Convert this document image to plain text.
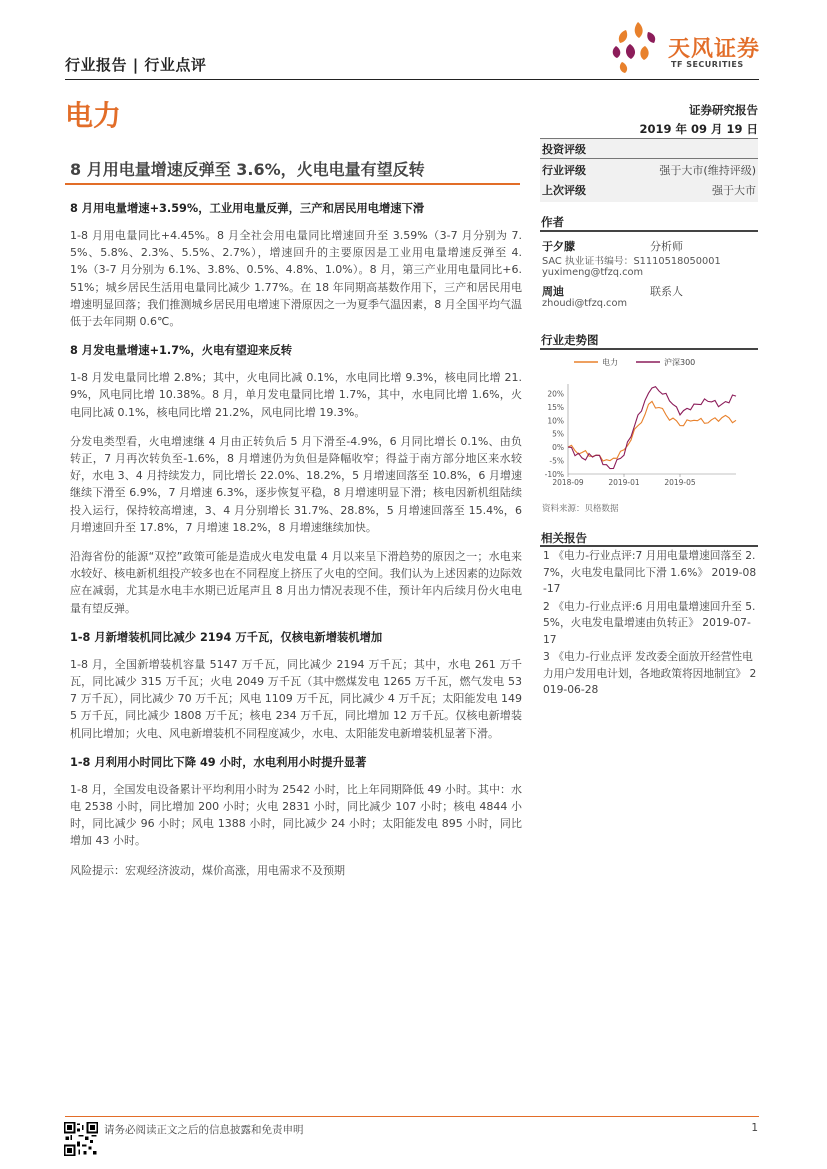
行业报告 | 行业点评
天风证券
TF SECURITIES
电力	证券研究报告
2019 年 09 月 19 日
8 月用电量增速反弹至 3.6%，火电电量有望反转
8 月用电量增速+3.59%，工业用电量反弹，三产和居民用电增速下滑
1-8 月用电量同比+4.45%。8 月全社会用电量同比增速回升至 3.59%（3-7 月分别为 7.5%、5.8%、2.3%、5.5%、2.7%），增速回升的主要原因是工业用电量增速反弹至 4.1%（3-7 月分别为 6.1%、3.8%、0.5%、4.8%、1.0%）。8 月，第三产业用电量同比+6.51%；城乡居民生活用电量同比减少 1.77%。在 18 年同期高基数作用下，三产和居民用电增速明显回落；我们推测城乡居民用电增速下滑原因之一为夏季气温因素，8 月全国平均气温低于去年同期 0.6℃。
8 月发电量增速+1.7%，火电有望迎来反转
1-8 月发电量同比增 2.8%；其中，火电同比减 0.1%，水电同比增 9.3%，核电同比增 21.9%，风电同比增 10.38%。8 月，单月发电量同比增 1.7%，其中，水电同比增 1.6%，火电同比减 0.1%，核电同比增 21.2%，风电同比增 19.3%。
分发电类型看，火电增速继 4 月由正转负后 5 月下滑至-4.9%，6 月同比增长 0.1%、由负转正，7 月再次转负至-1.6%，8 月增速仍为负但是降幅收窄；得益于南方部分地区来水较好，水电 3、4 月持续发力，同比增长 22.0%、18.2%，5 月增速回落至 10.8%，6 月增速继续下滑至 6.9%，7 月增速 6.3%，逐步恢复平稳，8 月增速明显下滑；核电因新机组陆续投入运行，保持较高增速，3、4 月分别增长 31.7%、28.8%，5 月增速回落至 15.4%，6 月增速回升至 17.8%，7 月增速 18.2%，8 月增速继续加快。
沿海省份的能源“双控”政策可能是造成火电发电量 4 月以来呈下滑趋势的原因之一；水电来水较好、核电新机组投产较多也在不同程度上挤压了火电的空间。我们认为上述因素的边际效应在减弱，尤其是水电丰水期已近尾声且 8 月出力情况表现不佳，预计年内后续月份火电电量有望反弹。
1-8 月新增装机同比减少 2194 万千瓦，仅核电新增装机增加
1-8 月，全国新增装机容量 5147 万千瓦，同比减少 2194 万千瓦；其中，水电 261 万千瓦，同比减少 315 万千瓦；火电 2049 万千瓦（其中燃煤发电 1265 万千瓦，燃气发电 537 万千瓦），同比减少 70 万千瓦；风电 1109 万千瓦，同比减少 4 万千瓦；太阳能发电 1495 万千瓦，同比减少 1808 万千瓦；核电 234 万千瓦，同比增加 12 万千瓦。仅核电新增装机同比增加；火电、风电新增装机不同程度减少，水电、太阳能发电新增装机显著下滑。
1-8 月利用小时同比下降 49 小时，水电利用小时提升显著
1-8 月，全国发电设备累计平均利用小时为 2542 小时，比上年同期降低 49 小时。其中：水电 2538 小时，同比增加 200 小时；火电 2831 小时，同比减少 107 小时；核电 4844 小时，同比减少 96 小时；风电 1388 小时，同比减少 24 小时；太阳能发电 895 小时，同比增加 43 小时。
风险提示：宏观经济波动，煤价高涨，用电需求不及预期
投资评级
行业评级	强于大市(维持评级)
上次评级	强于大市
作者
于夕朦	分析师
SAC 执业证书编号：S1110518050001
yuximeng@tfzq.com
周迪	联系人
zhoudi@tfzq.com
行业走势图
20%
15%
10%
5%
0%
-5%
-10%
2018-09	2019-01	2019-05
电力	沪深300
资料来源：贝格数据
相关报告
1 《电力-行业点评:7 月用电量增速回落至 2.7%，火电发电量同比下滑 1.6%》 2019-08-17
2 《电力-行业点评:6 月用电量增速回升至 5.5%，火电发电量增速由负转正》 2019-07-17
3 《电力-行业点评 发改委全面放开经营性电力用户发用电计划，各地政策将因地制宜》 2019-06-28
请务必阅读正文之后的信息披露和免责申明	1
